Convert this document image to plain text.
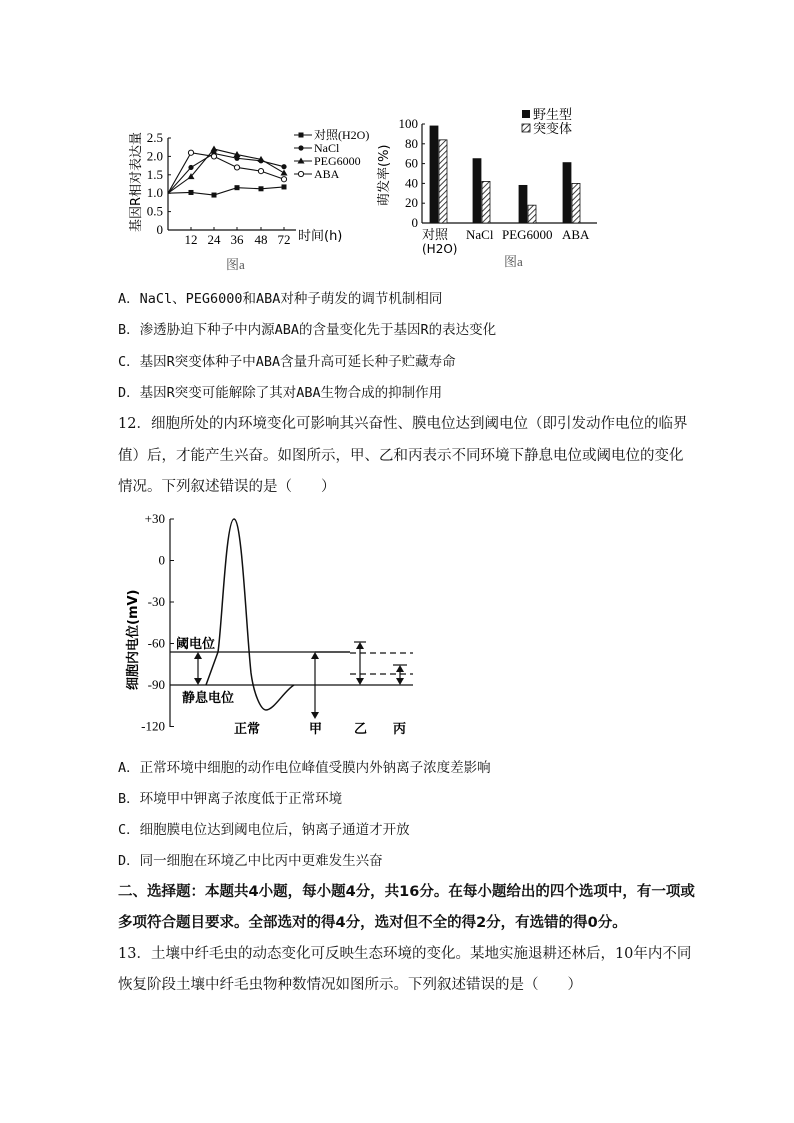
基因R相对表达量 0
0.5
1.0
1.5
2.0
2.5
12 24 36 48 72 时间(h)
对照(H2O)
NaCl
PEG6000
ABA
图a
萌发率(%)
0
20
40
60
80
100
野生型
突变体
对照
(H2O)
NaCl PEG6000 ABA
图a
A．NaCl、PEG6000和ABA对种子萌发的调节机制相同
B．渗透胁迫下种子中内源ABA的含量变化先于基因R的表达变化
C．基因R突变体种子中ABA含量升高可延长种子贮藏寿命
D．基因R突变可能解除了其对ABA生物合成的抑制作用
12．细胞所处的内环境变化可影响其兴奋性、膜电位达到阈电位（即引发动作电位的临界
值）后，才能产生兴奋。如图所示，甲、乙和丙表示不同环境下静息电位或阈电位的变化
情况。下列叙述错误的是（　　）
细胞内电位(mV)
+30
0
-30
-60
-90
-120
阈电位
静息电位
正常	甲 乙 丙
A．正常环境中细胞的动作电位峰值受膜内外钠离子浓度差影响
B．环境甲中钾离子浓度低于正常环境
C．细胞膜电位达到阈电位后，钠离子通道才开放
D．同一细胞在环境乙中比丙中更难发生兴奋
二、选择题：本题共4小题，每小题4分，共16分。在每小题给出的四个选项中，有一项或
多项符合题目要求。全部选对的得4分，选对但不全的得2分，有选错的得0分。
13．土壤中纤毛虫的动态变化可反映生态环境的变化。某地实施退耕还林后，10年内不同
恢复阶段土壤中纤毛虫物种数情况如图所示。下列叙述错误的是（　　）
